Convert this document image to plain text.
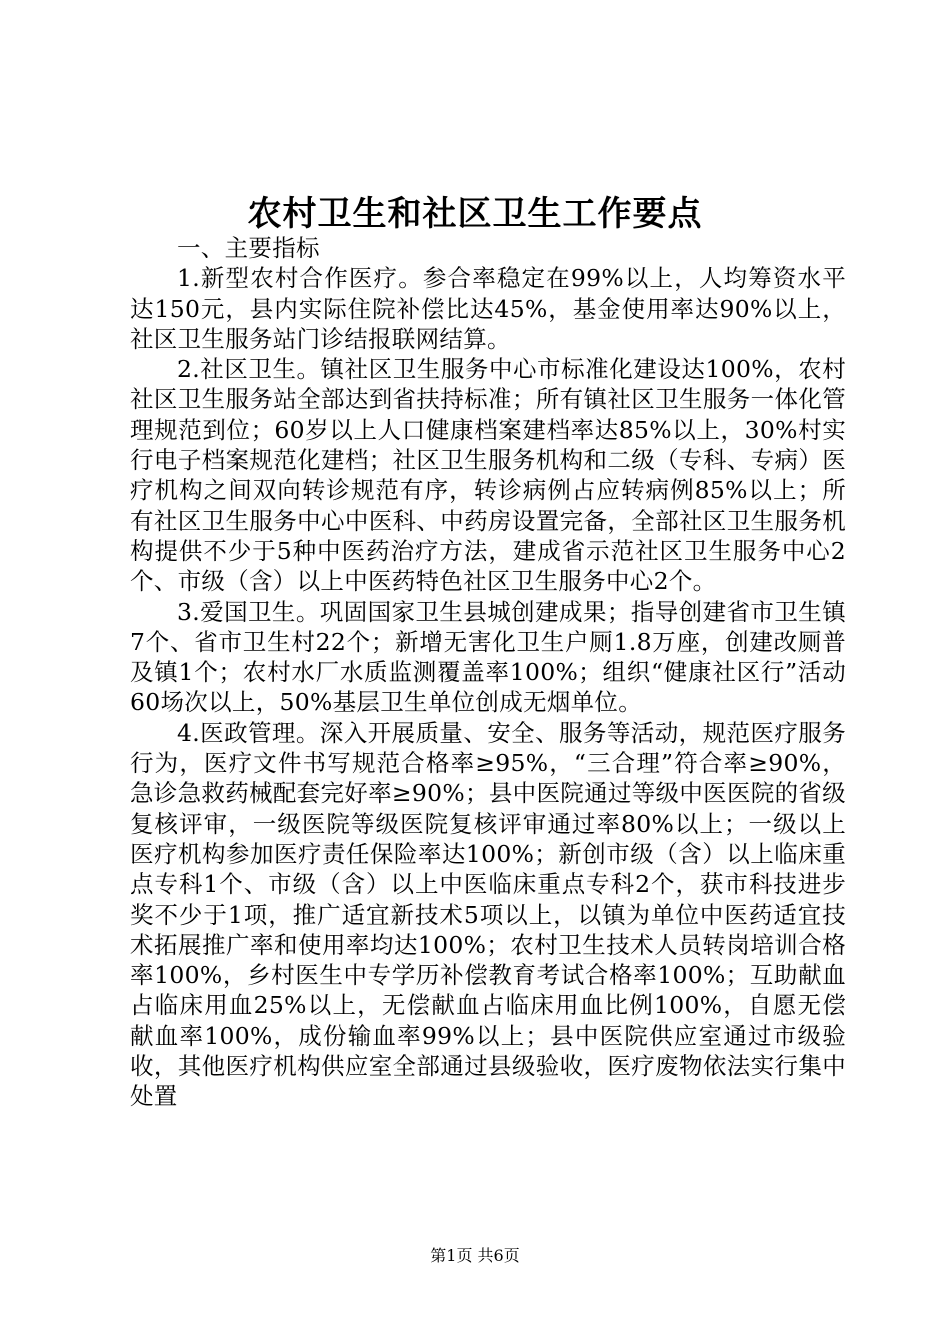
农村卫生和社区卫生工作要点

一、主要指标

1.新型农村合作医疗。参合率稳定在99%以上，人均筹资水平达150元，县内实际住院补偿比达45%，基金使用率达90%以上，社区卫生服务站门诊结报联网结算。

2.社区卫生。镇社区卫生服务中心市标准化建设达100%，农村社区卫生服务站全部达到省扶持标准；所有镇社区卫生服务一体化管理规范到位；60岁以上人口健康档案建档率达85%以上，30%村实行电子档案规范化建档；社区卫生服务机构和二级（专科、专病）医疗机构之间双向转诊规范有序，转诊病例占应转病例85%以上；所有社区卫生服务中心中医科、中药房设置完备，全部社区卫生服务机构提供不少于5种中医药治疗方法，建成省示范社区卫生服务中心2个、市级（含）以上中医药特色社区卫生服务中心2个。

3.爱国卫生。巩固国家卫生县城创建成果；指导创建省市卫生镇7个、省市卫生村22个；新增无害化卫生户厕1.8万座，创建改厕普及镇1个；农村水厂水质监测覆盖率100%；组织“健康社区行”活动60场次以上，50%基层卫生单位创成无烟单位。

4.医政管理。深入开展质量、安全、服务等活动，规范医疗服务行为，医疗文件书写规范合格率≥95%，“三合理”符合率≥90%，急诊急救药械配套完好率≥90%；县中医院通过等级中医医院的省级复核评审，一级医院等级医院复核评审通过率80%以上；一级以上医疗机构参加医疗责任保险率达100%；新创市级（含）以上临床重点专科1个、市级（含）以上中医临床重点专科2个，获市科技进步奖不少于1项，推广适宜新技术5项以上，以镇为单位中医药适宜技术拓展推广率和使用率均达100%；农村卫生技术人员转岗培训合格率100%，乡村医生中专学历补偿教育考试合格率100%；互助献血占临床用血25%以上，无偿献血占临床用血比例100%，自愿无偿献血率100%，成份输血率99%以上；县中医院供应室通过市级验收，其他医疗机构供应室全部通过县级验收，医疗废物依法实行集中处置

第1页 共6页
